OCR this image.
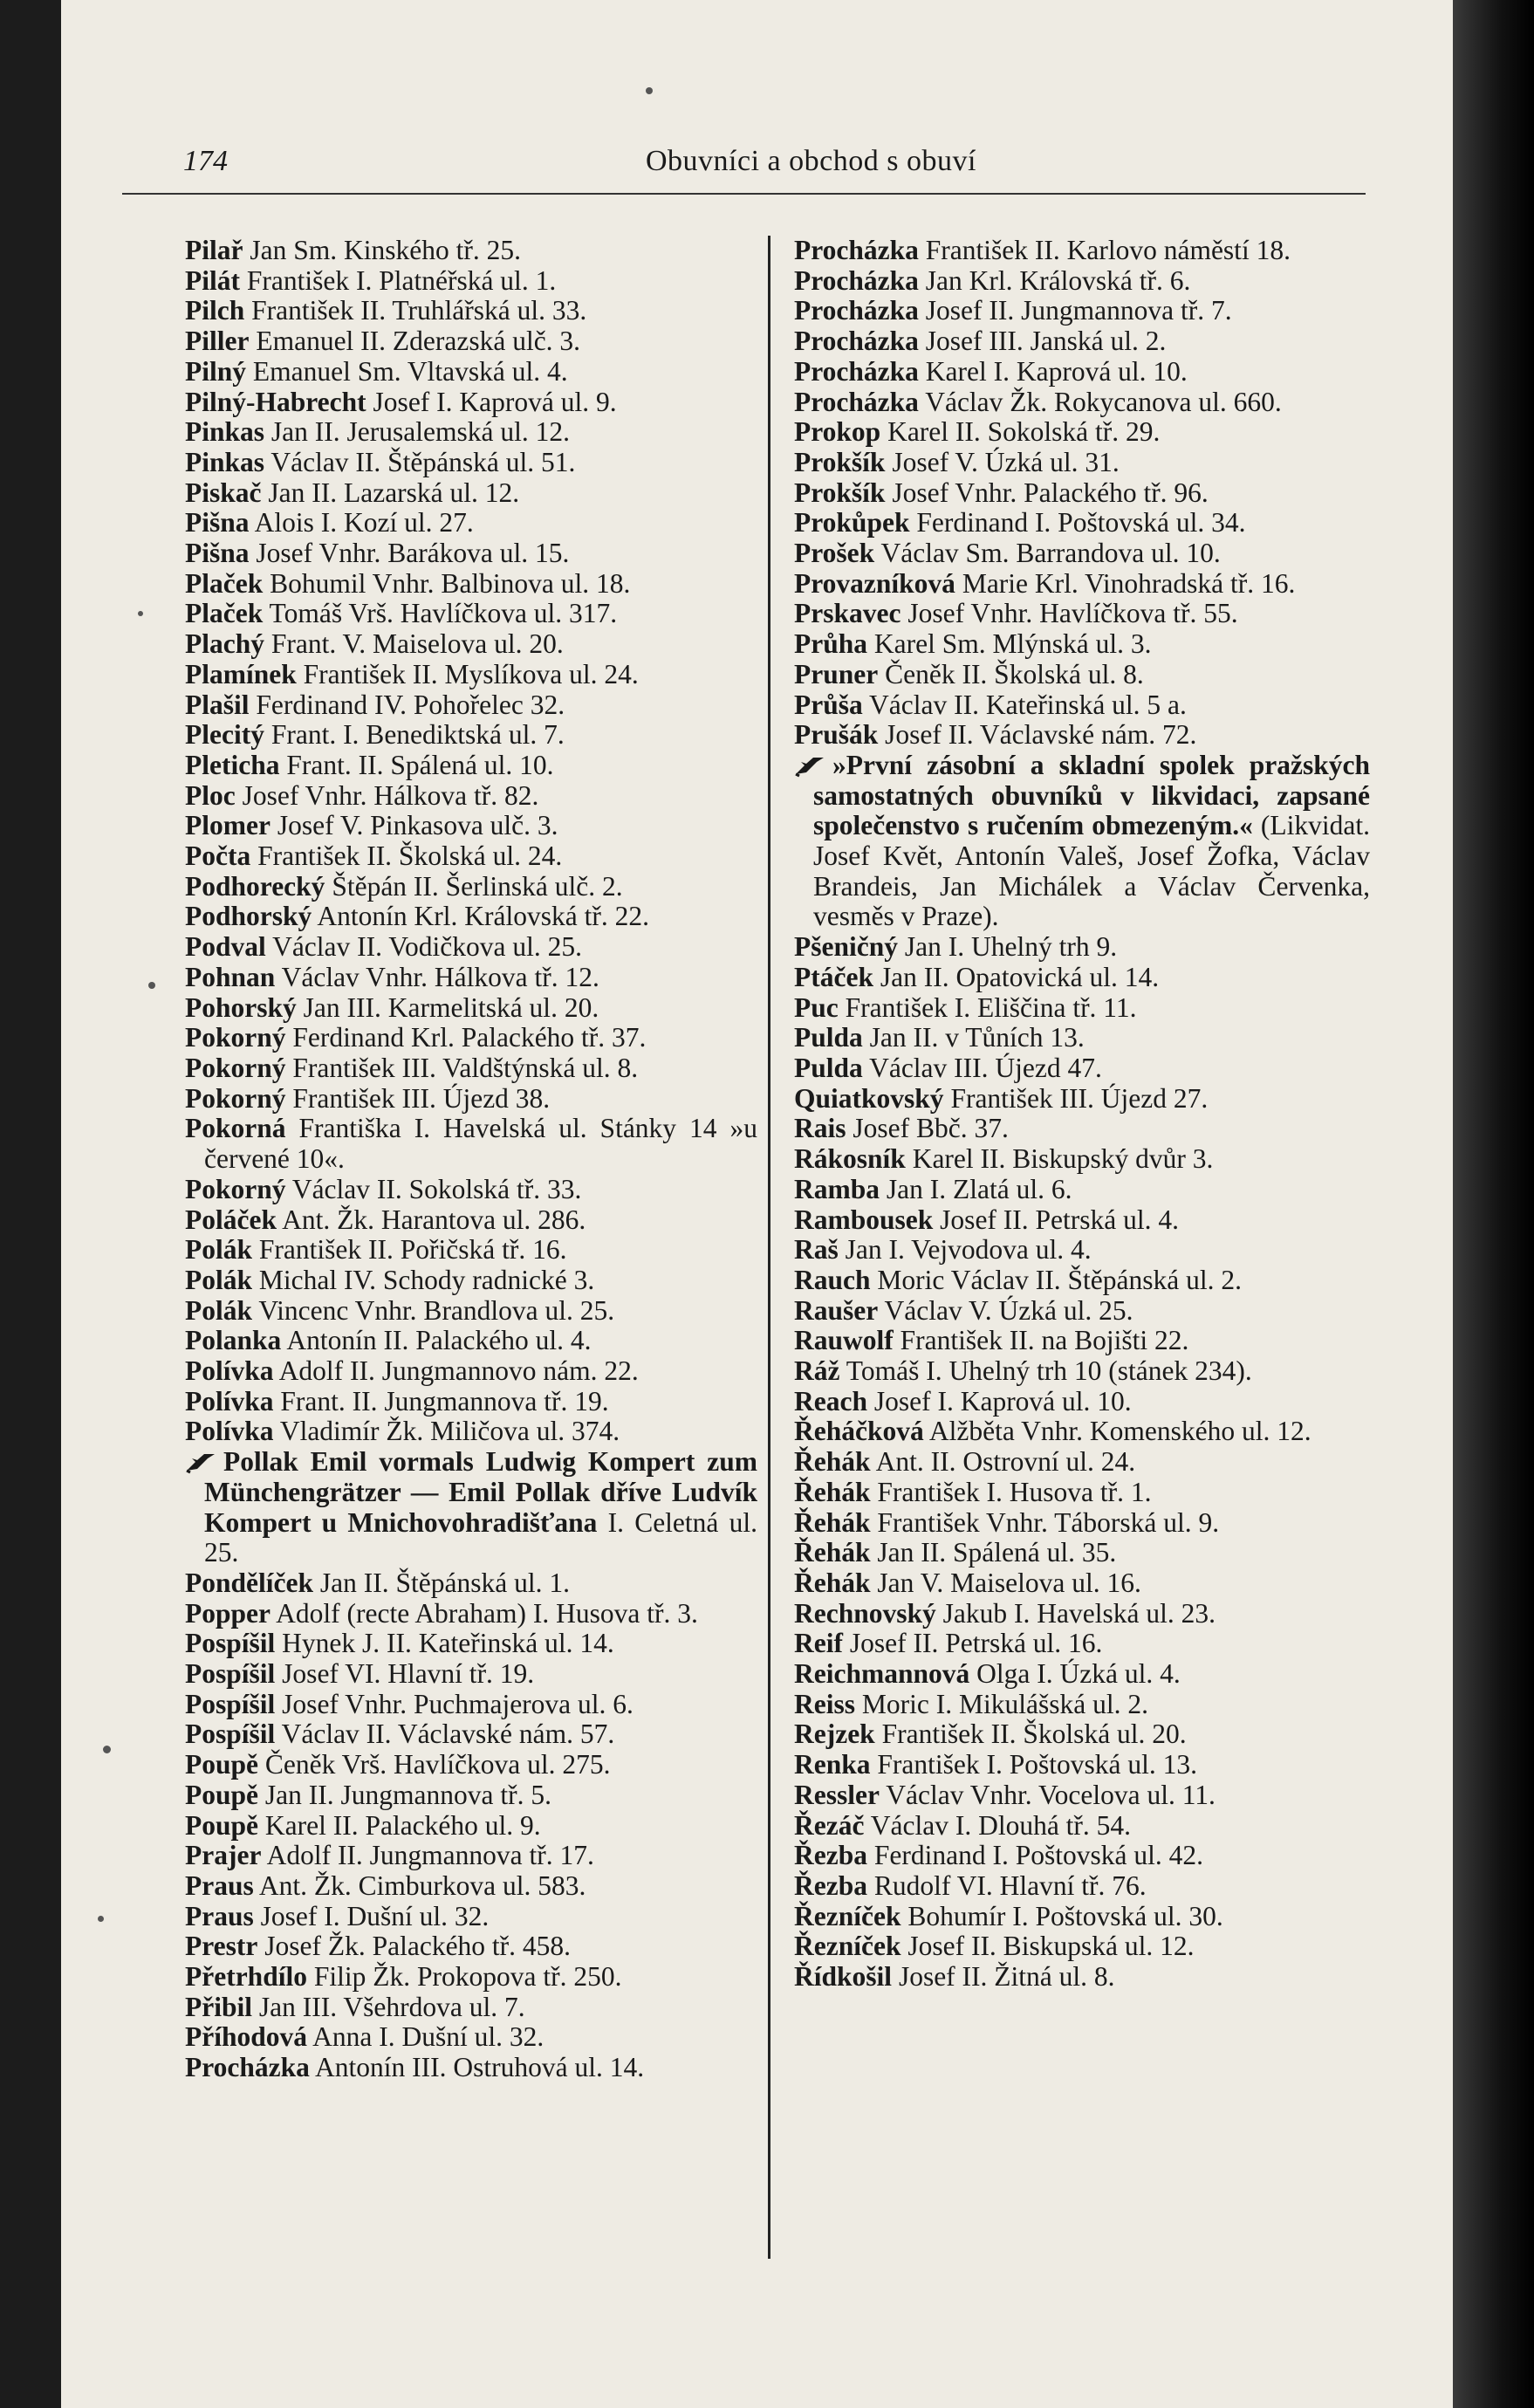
174	Obuvníci a obchod s obuví

Pilař Jan Sm. Kinského tř. 25.

Pilát František I. Platnéřská ul. 1.

Pilch František II. Truhlářská ul. 33.

Piller Emanuel II. Zderazská ulč. 3.

Pilný Emanuel Sm. Vltavská ul. 4.

Pilný-Habrecht Josef I. Kaprová ul. 9.

Pinkas Jan II. Jerusalemská ul. 12.

Pinkas Václav II. Štěpánská ul. 51.

Piskač Jan II. Lazarská ul. 12.

Pišna Alois I. Kozí ul. 27.

Pišna Josef Vnhr. Barákova ul. 15.

Plaček Bohumil Vnhr. Balbinova ul. 18.

Plaček Tomáš Vrš. Havlíčkova ul. 317.

Plachý Frant. V. Maiselova ul. 20.

Plamínek František II. Myslíkova ul. 24.

Plašil Ferdinand IV. Pohořelec 32.

Plecitý Frant. I. Benediktská ul. 7.

Pleticha Frant. II. Spálená ul. 10.

Ploc Josef Vnhr. Hálkova tř. 82.

Plomer Josef V. Pinkasova ulč. 3.

Počta František II. Školská ul. 24.

Podhorecký Štěpán II. Šerlinská ulč. 2.

Podhorský Antonín Krl. Královská tř. 22.

Podval Václav II. Vodičkova ul. 25.

Pohnan Václav Vnhr. Hálkova tř. 12.

Pohorský Jan III. Karmelitská ul. 20.

Pokorný Ferdinand Krl. Palackého tř. 37.

Pokorný František III. Valdštýnská ul. 8.

Pokorný František III. Újezd 38.

Pokorná Františka I. Havelská ul. Stánky 14 »u červené 10«.

Pokorný Václav II. Sokolská tř. 33.

Poláček Ant. Žk. Harantova ul. 286.

Polák František II. Pořičská tř. 16.

Polák Michal IV. Schody radnické 3.

Polák Vincenc Vnhr. Brandlova ul. 25.

Polanka Antonín II. Palackého ul. 4.

Polívka Adolf II. Jungmannovo nám. 22.

Polívka Frant. II. Jungmannova tř. 19.

Polívka Vladimír Žk. Miličova ul. 374.

Pollak Emil vormals Ludwig Kompert zum Münchengrätzer — Emil Pollak dříve Ludvík Kompert u Mnichovohradišťana I. Celetná ul. 25.

Pondělíček Jan II. Štěpánská ul. 1.

Popper Adolf (recte Abraham) I. Husova tř. 3.

Pospíšil Hynek J. II. Kateřinská ul. 14.

Pospíšil Josef VI. Hlavní tř. 19.

Pospíšil Josef Vnhr. Puchmajerova ul. 6.

Pospíšil Václav II. Václavské nám. 57.

Poupě Čeněk Vrš. Havlíčkova ul. 275.

Poupě Jan II. Jungmannova tř. 5.

Poupě Karel II. Palackého ul. 9.

Prajer Adolf II. Jungmannova tř. 17.

Praus Ant. Žk. Cimburkova ul. 583.

Praus Josef I. Dušní ul. 32.

Prestr Josef Žk. Palackého tř. 458.

Přetrhdílo Filip Žk. Prokopova tř. 250.

Přibil Jan III. Všehrdova ul. 7.

Příhodová Anna I. Dušní ul. 32.

Procházka Antonín III. Ostruhová ul. 14.

Procházka František II. Karlovo náměstí 18.

Procházka Jan Krl. Královská tř. 6.

Procházka Josef II. Jungmannova tř. 7.

Procházka Josef III. Janská ul. 2.

Procházka Karel I. Kaprová ul. 10.

Procházka Václav Žk. Rokycanova ul. 660.

Prokop Karel II. Sokolská tř. 29.

Prokšík Josef V. Úzká ul. 31.

Prokšík Josef Vnhr. Palackého tř. 96.

Prokůpek Ferdinand I. Poštovská ul. 34.

Prošek Václav Sm. Barrandova ul. 10.

Provazníková Marie Krl. Vinohradská tř. 16.

Prskavec Josef Vnhr. Havlíčkova tř. 55.

Průha Karel Sm. Mlýnská ul. 3.

Pruner Čeněk II. Školská ul. 8.

Průša Václav II. Kateřinská ul. 5 a.

Prušák Josef II. Václavské nám. 72.

»První zásobní a skladní spolek pražských samostatných obuvníků v likvidaci, zapsané společenstvo s ručením obmezeným.« (Likvidat. Josef Květ, Antonín Valeš, Josef Žofka, Václav Brandeis, Jan Michálek a Václav Červenka, vesměs v Praze).

Pšeničný Jan I. Uhelný trh 9.

Ptáček Jan II. Opatovická ul. 14.

Puc František I. Eliščina tř. 11.

Pulda Jan II. v Tůních 13.

Pulda Václav III. Újezd 47.

Quiatkovský František III. Újezd 27.

Rais Josef Bbč. 37.

Rákosník Karel II. Biskupský dvůr 3.

Ramba Jan I. Zlatá ul. 6.

Rambousek Josef II. Petrská ul. 4.

Raš Jan I. Vejvodova ul. 4.

Rauch Moric Václav II. Štěpánská ul. 2.

Raušer Václav V. Úzká ul. 25.

Rauwolf František II. na Bojišti 22.

Ráž Tomáš I. Uhelný trh 10 (stánek 234).

Reach Josef I. Kaprová ul. 10.

Řeháčková Alžběta Vnhr. Komenského ul. 12.

Řehák Ant. II. Ostrovní ul. 24.

Řehák František I. Husova tř. 1.

Řehák František Vnhr. Táborská ul. 9.

Řehák Jan II. Spálená ul. 35.

Řehák Jan V. Maiselova ul. 16.

Rechnovský Jakub I. Havelská ul. 23.

Reif Josef II. Petrská ul. 16.

Reichmannová Olga I. Úzká ul. 4.

Reiss Moric I. Mikulášská ul. 2.

Rejzek František II. Školská ul. 20.

Renka František I. Poštovská ul. 13.

Ressler Václav Vnhr. Vocelova ul. 11.

Řezáč Václav I. Dlouhá tř. 54.

Řezba Ferdinand I. Poštovská ul. 42.

Řezba Rudolf VI. Hlavní tř. 76.

Řezníček Bohumír I. Poštovská ul. 30.

Řezníček Josef II. Biskupská ul. 12.

Řídkošil Josef II. Žitná ul. 8.
